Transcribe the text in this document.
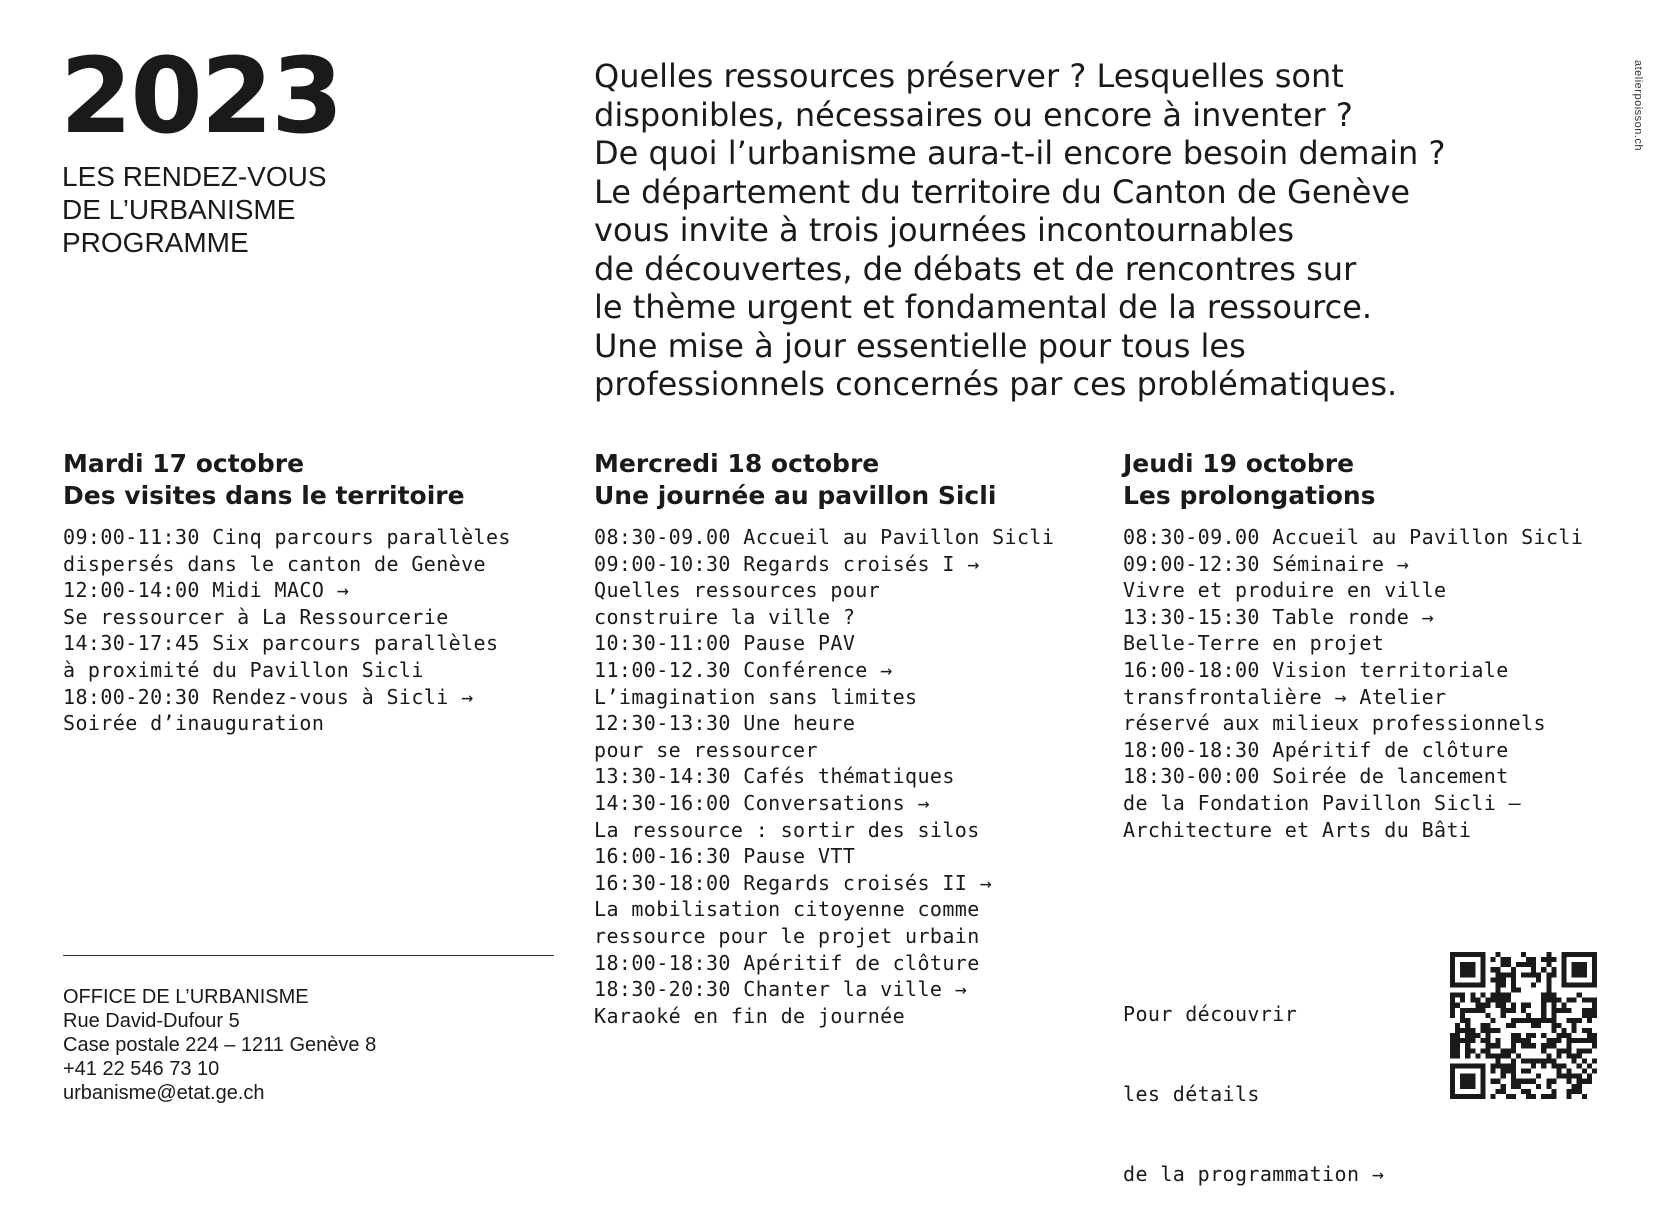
2023
LES RENDEZ-VOUS
DE L’URBANISME
PROGRAMME
Quelles ressources préserver ? Lesquelles sont
disponibles, nécessaires ou encore à inventer ?
De quoi l’urbanisme aura-t-il encore besoin demain ?
Le département du territoire du Canton de Genève
vous invite à trois journées incontournables
de découvertes, de débats et de rencontres sur
le thème urgent et fondamental de la ressource.
Une mise à jour essentielle pour tous les
professionnels concernés par ces problématiques.
atelierpoisson.ch
Mardi 17 octobre
Des visites dans le territoire
09:00-11:30 Cinq parcours parallèles
dispersés dans le canton de Genève
12:00-14:00 Midi MACO →
Se ressourcer à La Ressourcerie
14:30-17:45 Six parcours parallèles
à proximité du Pavillon Sicli
18:00-20:30 Rendez-vous à Sicli →
Soirée d’inauguration
Mercredi 18 octobre
Une journée au pavillon Sicli
08:30-09.00 Accueil au Pavillon Sicli
09:00-10:30 Regards croisés I →
Quelles ressources pour
construire la ville ?
10:30-11:00 Pause PAV
11:00-12.30 Conférence →
L’imagination sans limites
12:30-13:30 Une heure
pour se ressourcer
13:30-14:30 Cafés thématiques
14:30-16:00 Conversations →
La ressource : sortir des silos
16:00-16:30 Pause VTT
16:30-18:00 Regards croisés II →
La mobilisation citoyenne comme
ressource pour le projet urbain
18:00-18:30 Apéritif de clôture
18:30-20:30 Chanter la ville →
Karaoké en fin de journée
Jeudi 19 octobre
Les prolongations
08:30-09.00 Accueil au Pavillon Sicli
09:00-12:30 Séminaire →
Vivre et produire en ville
13:30-15:30 Table ronde →
Belle-Terre en projet
16:00-18:00 Vision territoriale
transfrontalière → Atelier
réservé aux milieux professionnels
18:00-18:30 Apéritif de clôture
18:30-00:00 Soirée de lancement
de la Fondation Pavillon Sicli –
Architecture et Arts du Bâti
OFFICE DE L’URBANISME
Rue David-Dufour 5
Case postale 224 – 1211 Genève 8
+41 22 546 73 10
urbanisme@etat.ge.ch

Pour découvrir

les détails

de la programmation →
